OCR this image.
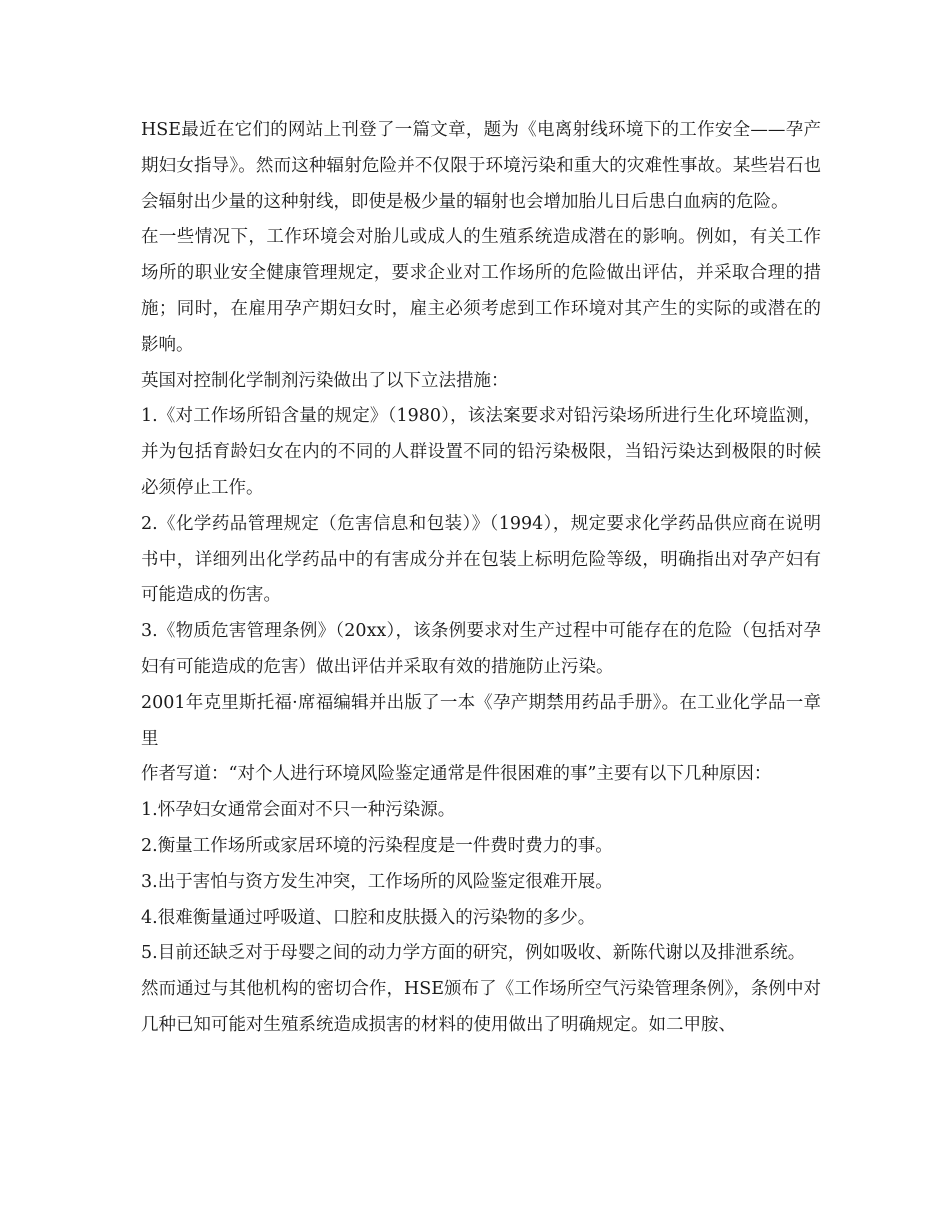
HSE最近在它们的网站上刊登了一篇文章，题为《电离射线环境下的工作安全——孕产期妇女指导》。然而这种辐射危险并不仅限于环境污染和重大的灾难性事故。某些岩石也会辐射出少量的这种射线，即使是极少量的辐射也会增加胎儿日后患白血病的危险。

在一些情况下，工作环境会对胎儿或成人的生殖系统造成潜在的影响。例如，有关工作场所的职业安全健康管理规定，要求企业对工作场所的危险做出评估，并采取合理的措施；同时，在雇用孕产期妇女时，雇主必须考虑到工作环境对其产生的实际的或潜在的影响。

英国对控制化学制剂污染做出了以下立法措施：

1.《对工作场所铅含量的规定》（1980），该法案要求对铅污染场所进行生化环境监测，并为包括育龄妇女在内的不同的人群设置不同的铅污染极限，当铅污染达到极限的时候必须停止工作。

2.《化学药品管理规定（危害信息和包装）》（1994），规定要求化学药品供应商在说明书中，详细列出化学药品中的有害成分并在包装上标明危险等级，明确指出对孕产妇有可能造成的伤害。

3.《物质危害管理条例》（20xx），该条例要求对生产过程中可能存在的危险（包括对孕妇有可能造成的危害）做出评估并采取有效的措施防止污染。

2001年克里斯托福·席福编辑并出版了一本《孕产期禁用药品手册》。在工业化学品一章里

作者写道：“对个人进行环境风险鉴定通常是件很困难的事”主要有以下几种原因：

1.怀孕妇女通常会面对不只一种污染源。

2.衡量工作场所或家居环境的污染程度是一件费时费力的事。

3.出于害怕与资方发生冲突，工作场所的风险鉴定很难开展。

4.很难衡量通过呼吸道、口腔和皮肤摄入的污染物的多少。

5.目前还缺乏对于母婴之间的动力学方面的研究，例如吸收、新陈代谢以及排泄系统。

然而通过与其他机构的密切合作，HSE颁布了《工作场所空气污染管理条例》，条例中对几种已知可能对生殖系统造成损害的材料的使用做出了明确规定。如二甲胺、
